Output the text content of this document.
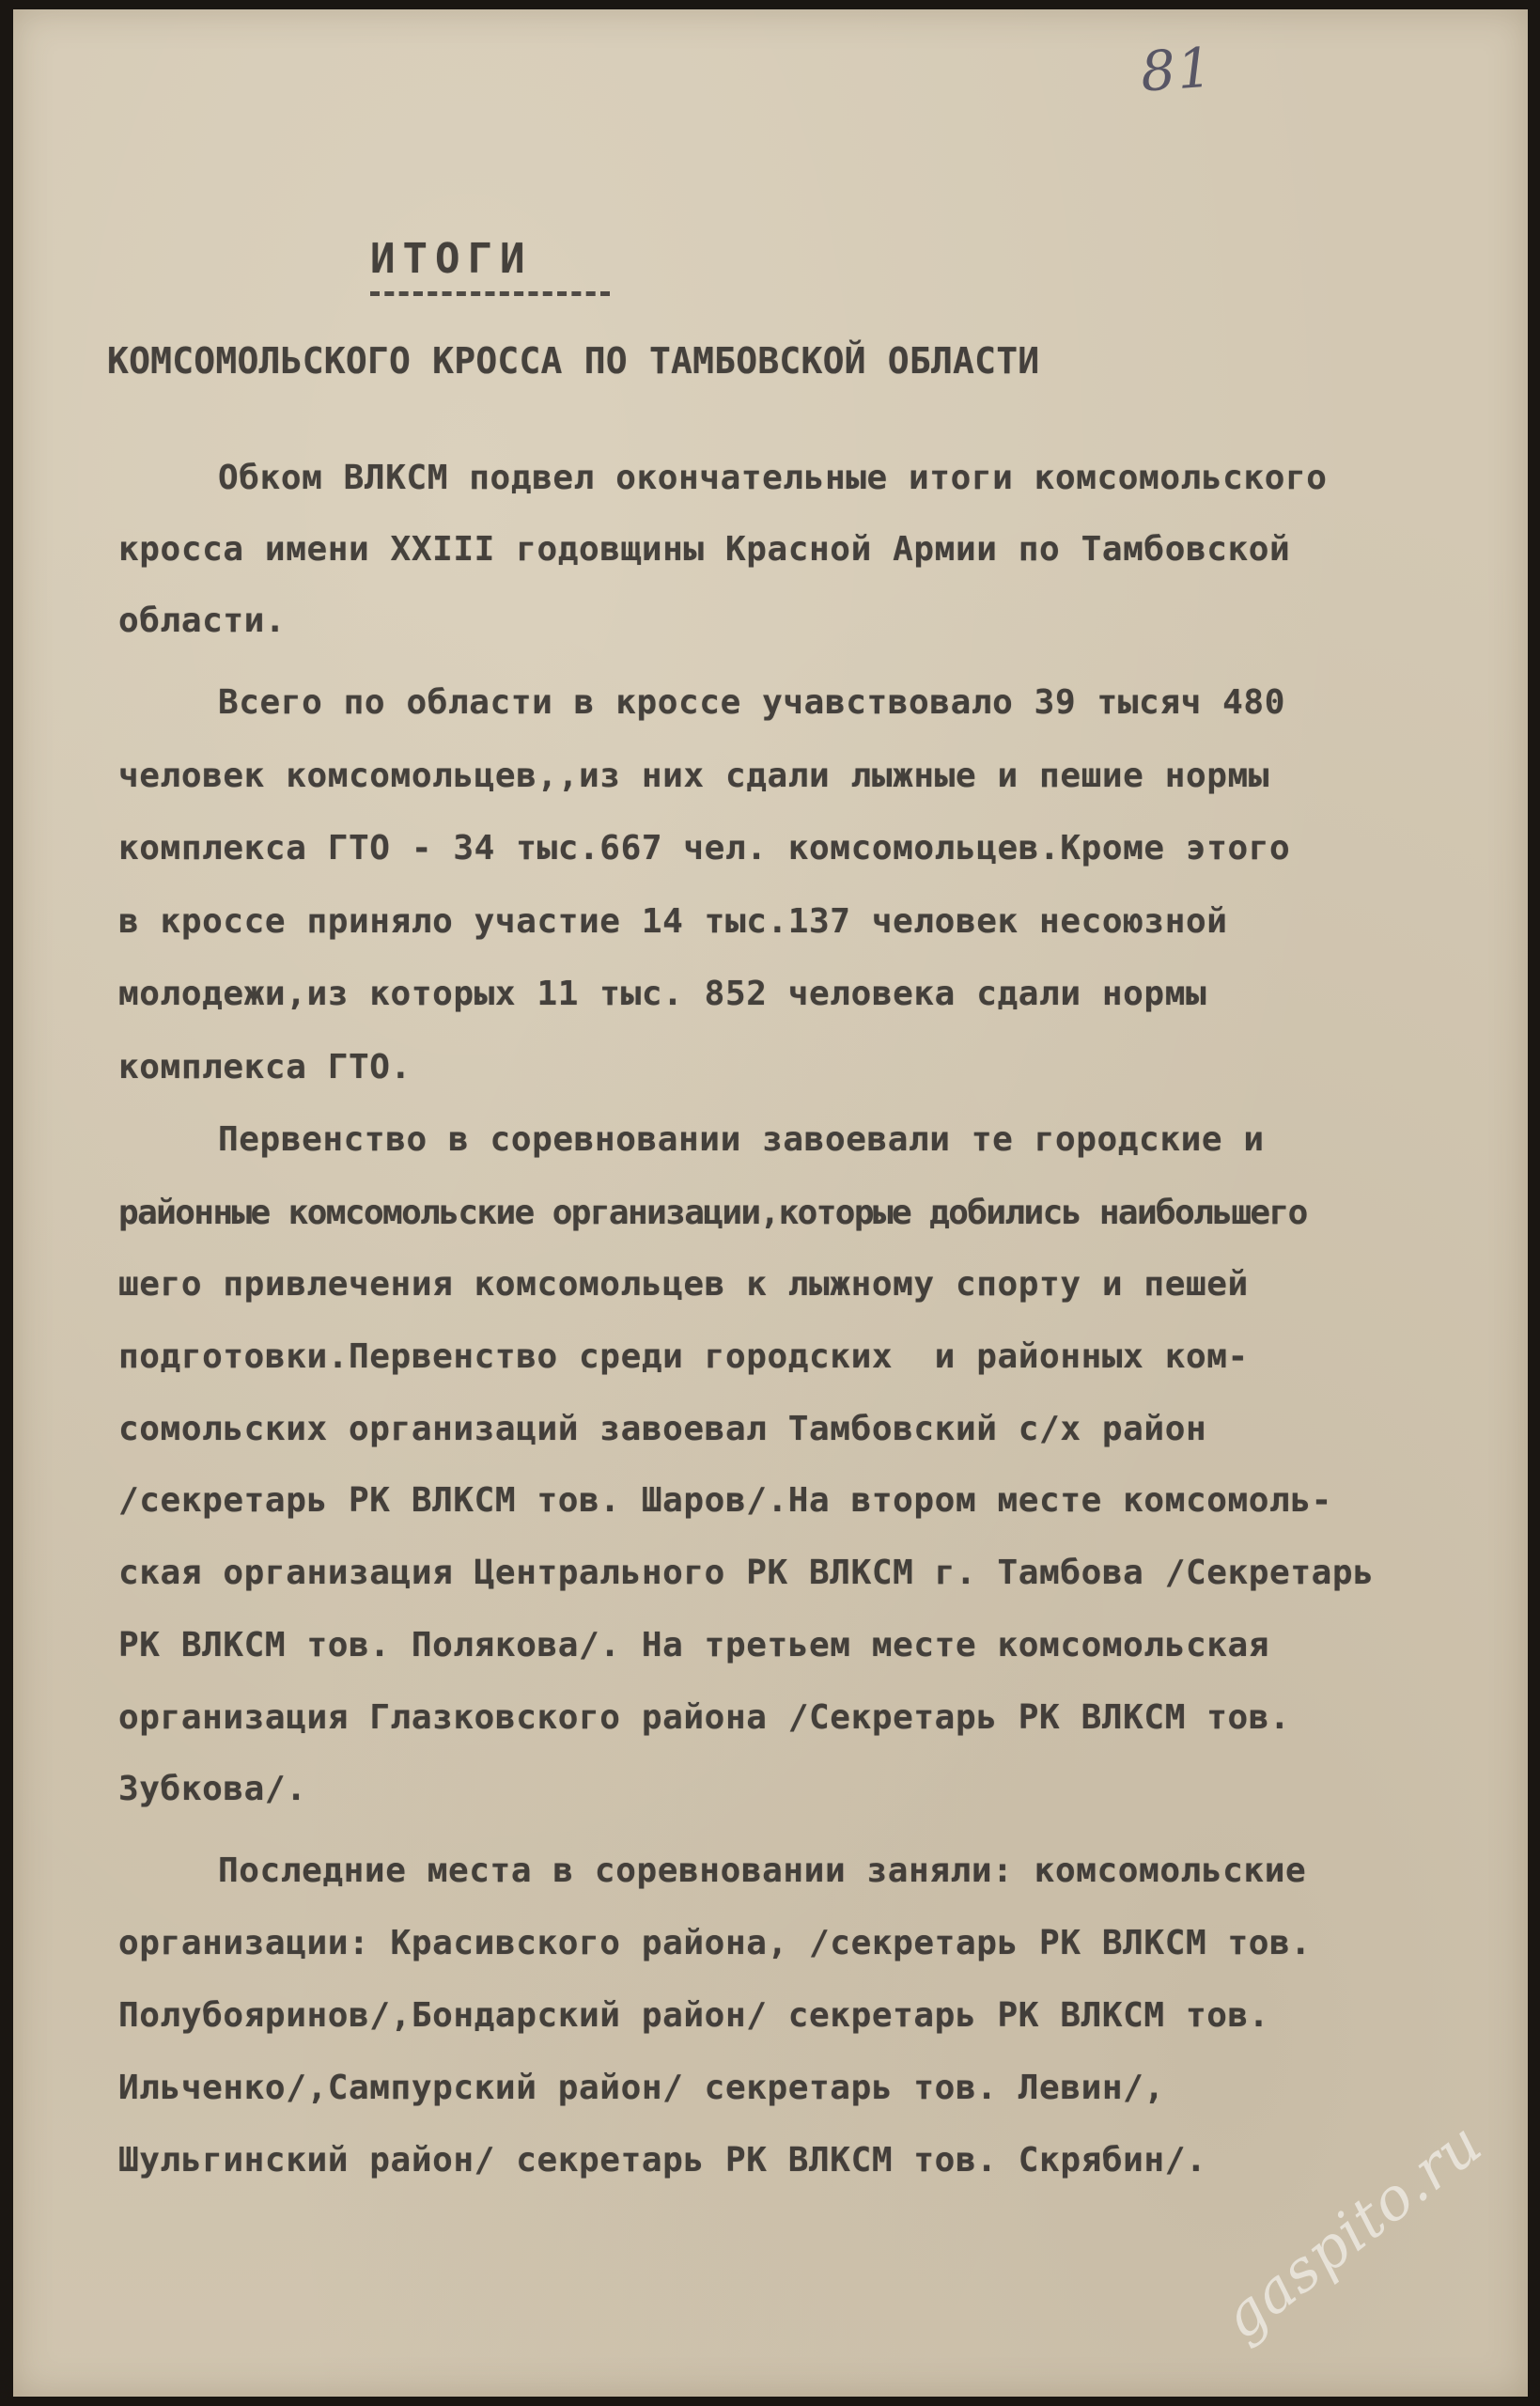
81
ИТОГИ
КОМСОМОЛЬСКОГО КРОССА ПО ТАМБОВСКОЙ ОБЛАСТИ
Обком ВЛКСМ подвел окончательные итоги комсомольского
кросса имени XXIII годовщины Красной Армии по Тамбовской
области.
Всего по области в кроссе учавствовало 39 тысяч 480
человек комсомольцев,,из них сдали лыжные и пешие нормы
комплекса ГТО - 34 тыс.667 чел. комсомольцев.Кроме этого
в кроссе приняло участие 14 тыс.137 человек несоюзной
молодежи,из которых 11 тыс. 852 человека сдали нормы
комплекса ГТО.
Первенство в соревновании завоевали те городские и
районные комсомольские организации,которые добились наибольшего
шего привлечения комсомольцев к лыжному спорту и пешей
подготовки.Первенство среди городских  и районных ком-
сомольских организаций завоевал Тамбовский с/х район
/секретарь РК ВЛКСМ тов. Шаров/.На втором месте комсомоль-
ская организация Центрального РК ВЛКСМ г. Тамбова /Секретарь
РК ВЛКСМ тов. Полякова/. На третьем месте комсомольская
организация Глазковского района /Секретарь РК ВЛКСМ тов.
Зубкова/.
Последние места в соревновании заняли: комсомольские
организации: Красивского района, /секретарь РК ВЛКСМ тов.
Полубояринов/,Бондарский район/ секретарь РК ВЛКСМ тов.
Ильченко/,Сампурский район/ секретарь тов. Левин/,
Шульгинский район/ секретарь РК ВЛКСМ тов. Скрябин/. gaspito.ru
